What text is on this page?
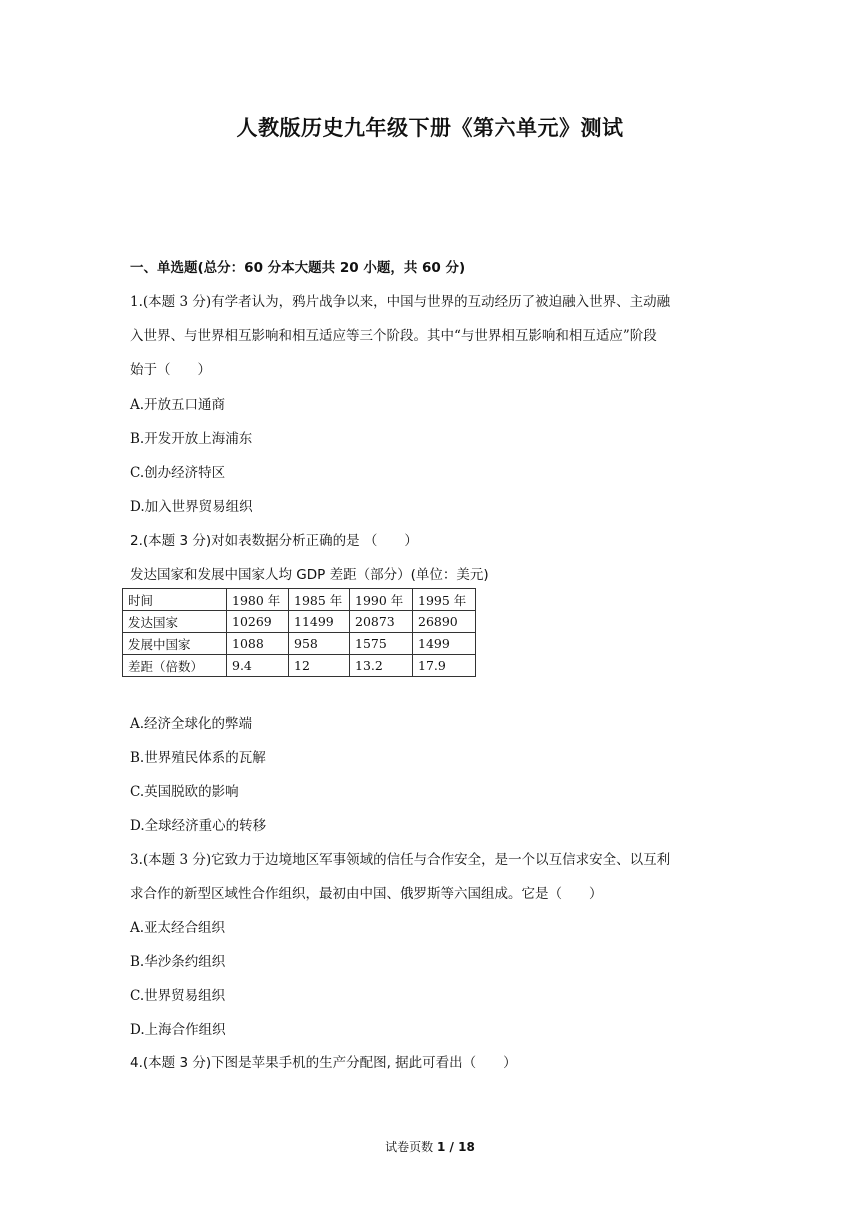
人教版历史九年级下册《第六单元》测试
一、单选题(总分：60 分本大题共 20 小题，共 60 分)
1.(本题 3 分)有学者认为，鸦片战争以来，中国与世界的互动经历了被迫融入世界、主动融
入世界、与世界相互影响和相互适应等三个阶段。其中“与世界相互影响和相互适应”阶段
始于（　　）
A.开放五口通商
B.开发开放上海浦东
C.创办经济特区
D.加入世界贸易组织
2.(本题 3 分)对如表数据分析正确的是 （　　）
发达国家和发展中国家人均 GDP 差距（部分）(单位：美元)
时间	1980 年	1985 年	1990 年	1995 年
发达国家	10269	11499	20873	26890
发展中国家	1088	958	1575	1499
差距（倍数）	9.4	12	13.2	17.9
A.经济全球化的弊端
B.世界殖民体系的瓦解
C.英国脱欧的影响
D.全球经济重心的转移
3.(本题 3 分)它致力于边境地区军事领域的信任与合作安全，是一个以互信求安全、以互利
求合作的新型区域性合作组织，最初由中国、俄罗斯等六国组成。它是（　　）
A.亚太经合组织
B.华沙条约组织
C.世界贸易组织
D.上海合作组织
4.(本题 3 分)下图是苹果手机的生产分配图, 据此可看出（　　）
试卷页数 1 / 18
